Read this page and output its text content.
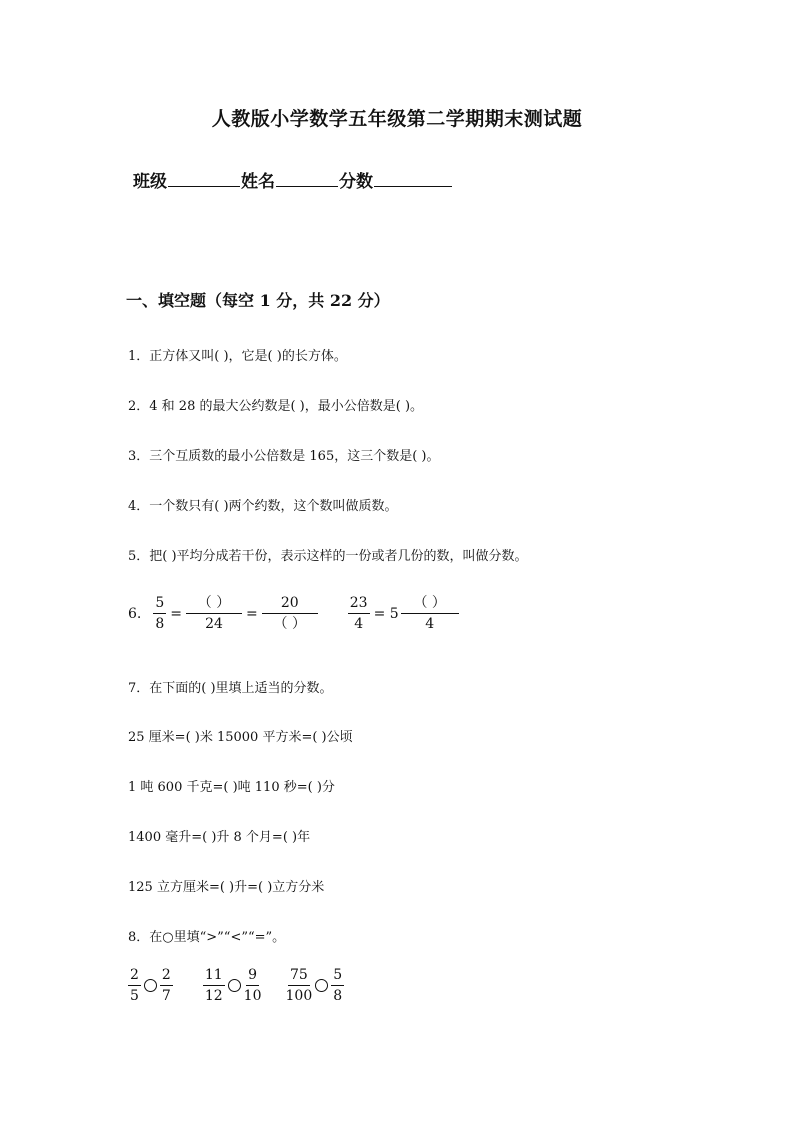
人教版小学数学五年级第二学期期末测试题
班级	姓名	分数
一、填空题（每空 1 分，共 22 分）
1．正方体又叫( )，它是( )的长方体。
2．4 和 28 的最大公约数是( )，最小公倍数是( )。
3．三个互质数的最小公倍数是 165，这三个数是( )。
4．一个数只有( )两个约数，这个数叫做质数。
5．把( )平均分成若干份，表示这样的一份或者几份的数，叫做分数。
6. $\frac{5}{8} = \frac{( )}{24} = \frac{20}{( )} \frac{23}{4} = 5 \frac{( )}{4}$
7．在下面的( )里填上适当的分数。
25 厘米=( )米 15000 平方米=( )公顷
1 吨 600 千克=( )吨 110 秒=( )分
1400 毫升=( )升 8 个月=( )年
125 立方厘米=( )升=( )立方分米
8．在○里填“>”“<”“=”。
$\frac{2}{5} \frac{2}{7} \frac{11}{12} \frac{9}{10} \frac{75}{100} \frac{5}{8}$
